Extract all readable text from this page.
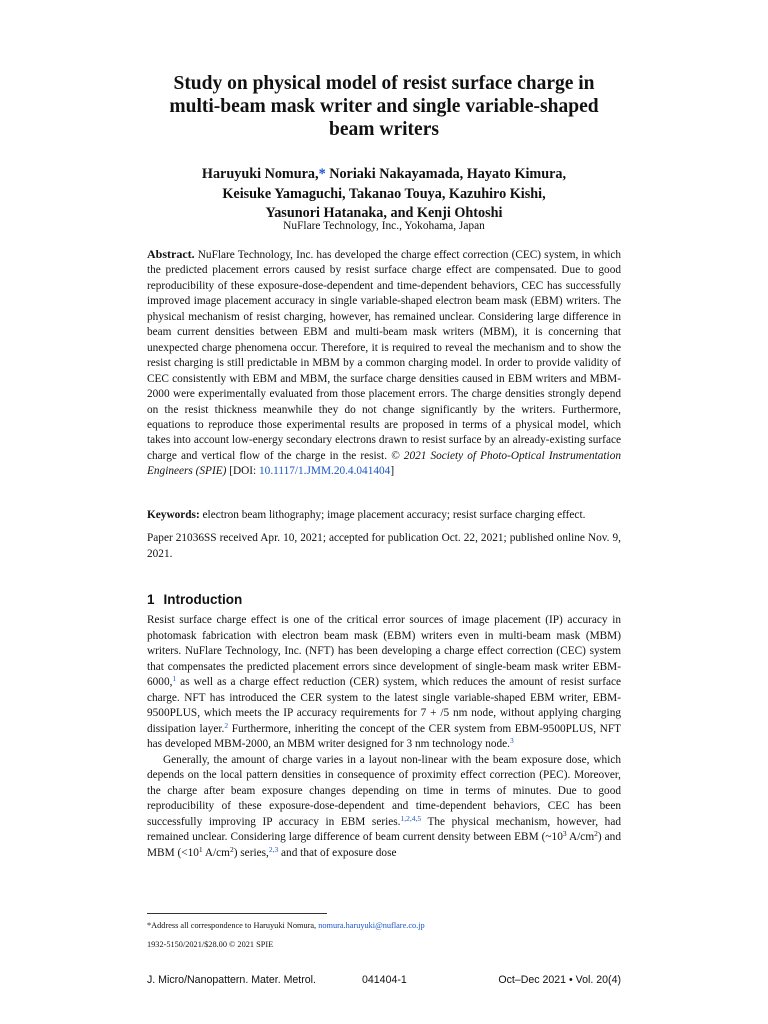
Study on physical model of resist surface charge in
multi-beam mask writer and single variable-shaped
beam writers
Haruyuki Nomura,* Noriaki Nakayamada, Hayato Kimura,
Keisuke Yamaguchi, Takanao Touya, Kazuhiro Kishi,
Yasunori Hatanaka, and Kenji Ohtoshi
NuFlare Technology, Inc., Yokohama, Japan
Abstract. NuFlare Technology, Inc. has developed the charge effect correction (CEC) system, in which the predicted placement errors caused by resist surface charge effect are compensated. Due to good reproducibility of these exposure-dose-dependent and time-dependent behaviors, CEC has successfully improved image placement accuracy in single variable-shaped electron beam mask (EBM) writers. The physical mechanism of resist charging, however, has remained unclear. Considering large difference in beam current densities between EBM and multi-beam mask writers (MBM), it is concerning that unexpected charge phenomena occur. Therefore, it is required to reveal the mechanism and to show the resist charging is still predictable in MBM by a common charging model. In order to provide validity of CEC consistently with EBM and MBM, the surface charge densities caused in EBM writers and MBM-2000 were experimentally evaluated from those placement errors. The charge densities strongly depend on the resist thickness meanwhile they do not change significantly by the writers. Furthermore, equations to reproduce those experimental results are proposed in terms of a physical model, which takes into account low-energy secondary electrons drawn to resist surface by an already-existing surface charge and vertical flow of the charge in the resist. © 2021 Society of Photo-Optical Instrumentation Engineers (SPIE) [DOI: 10.1117/1.JMM.20.4.041404]
Keywords: electron beam lithography; image placement accuracy; resist surface charging effect.
Paper 21036SS received Apr. 10, 2021; accepted for publication Oct. 22, 2021; published online Nov. 9, 2021.
1 Introduction

Resist surface charge effect is one of the critical error sources of image placement (IP) accuracy in photomask fabrication with electron beam mask (EBM) writers even in multi-beam mask (MBM) writers. NuFlare Technology, Inc. (NFT) has been developing a charge effect correction (CEC) system that compensates the predicted placement errors since development of single-beam mask writer EBM-6000,$^1$ as well as a charge effect reduction (CER) system, which reduces the amount of resist surface charge. NFT has introduced the CER system to the latest single variable-shaped EBM writer, EBM-9500PLUS, which meets the IP accuracy requirements for 7 + /5 nm node, without applying charging dissipation layer.$^2$ Furthermore, inheriting the concept of the CER system from EBM-9500PLUS, NFT has developed MBM-2000, an MBM writer designed for 3 nm technology node.$^3$

Generally, the amount of charge varies in a layout non-linear with the beam exposure dose, which depends on the local pattern densities in consequence of proximity effect correction (PEC). Moreover, the charge after beam exposure changes depending on time in terms of minutes. Due to good reproducibility of these exposure-dose-dependent and time-dependent behaviors, CEC has been successfully improving IP accuracy in EBM series.$^{1,2,4,5}$ The physical mechanism, however, had remained unclear. Considering large difference of beam current density between EBM ($\sim 10^3$ $A/cm^2$) and MBM ($<10^1$ $A/cm^2$) series,$^{2,3}$ and that of exposure dose

*Address all correspondence to Haruyuki Nomura, nomura.haruyuki@nuflare.co.jp
1932-5150/2021/$28.00 © 2021 SPIE
J. Micro/Nanopattern. Mater. Metrol.	041404-1	Oct–Dec 2021 • Vol. 20(4)
